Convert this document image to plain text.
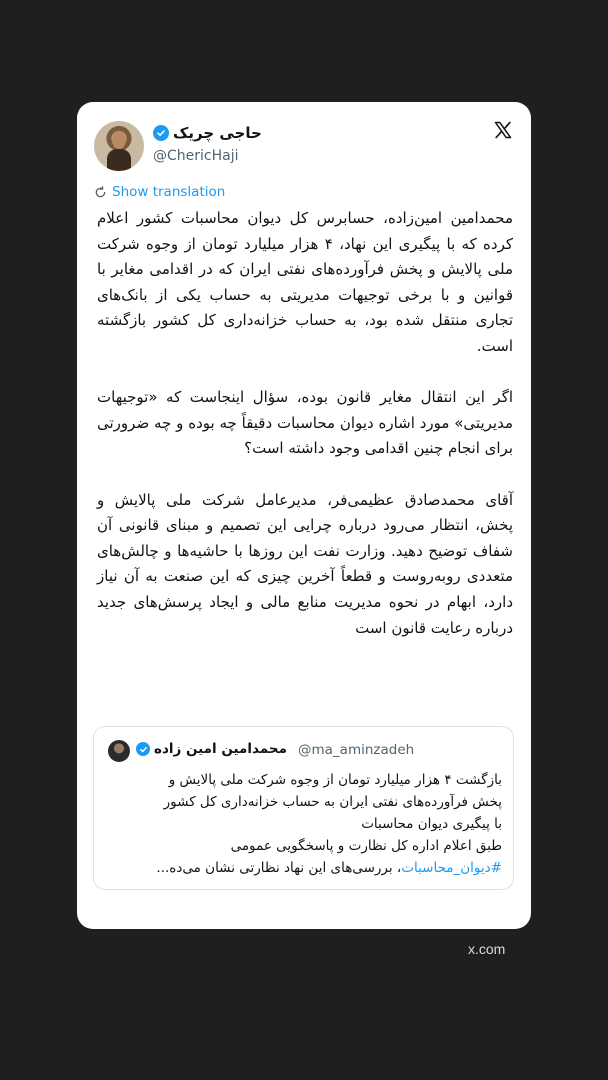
حاجی چریک
@ChericHaji
Show translation

محمدامین امین‌زاده، حسابرس کل دیوان محاسبات کشور اعلام کرده که با پیگیری این نهاد، ۴ هزار میلیارد تومان از وجوه شرکت ملی پالایش و پخش فرآورده‌های نفتی ایران که در اقدامی مغایر با قوانین و با برخی توجیهات مدیریتی به حساب یکی از بانک‌های تجاری منتقل شده بود، به حساب خزانه‌داری کل کشور بازگشته است.

اگر این انتقال مغایر قانون بوده، سؤال اینجاست که «توجیهات مدیریتی» مورد اشاره دیوان محاسبات دقیقاً چه بوده و چه ضرورتی برای انجام چنین اقدامی وجود داشته است؟

آقای محمدصادق عظیمی‌فر، مدیرعامل شرکت ملی پالایش و پخش، انتظار می‌رود درباره چرایی این تصمیم و مبنای قانونی آن شفاف توضیح دهید. وزارت نفت این روزها با حاشیه‌ها و چالش‌های متعددی روبه‌روست و قطعاً آخرین چیزی که این صنعت به آن نیاز دارد، ابهام در نحوه مدیریت منابع مالی و ایجاد پرسش‌های جدید درباره رعایت قانون است

محمدامین امین زاده @ma_aminzadeh
بازگشت ۴ هزار میلیارد تومان از وجوه شرکت ملی پالایش و
پخش فرآورده‌های نفتی ایران به حساب خزانه‌داری کل کشور
با پیگیری دیوان محاسبات
طبق اعلام اداره کل نظارت و پاسخگویی عمومی
#دیوان_محاسبات، بررسی‌های این نهاد نظارتی نشان می‌ده...
x.com
